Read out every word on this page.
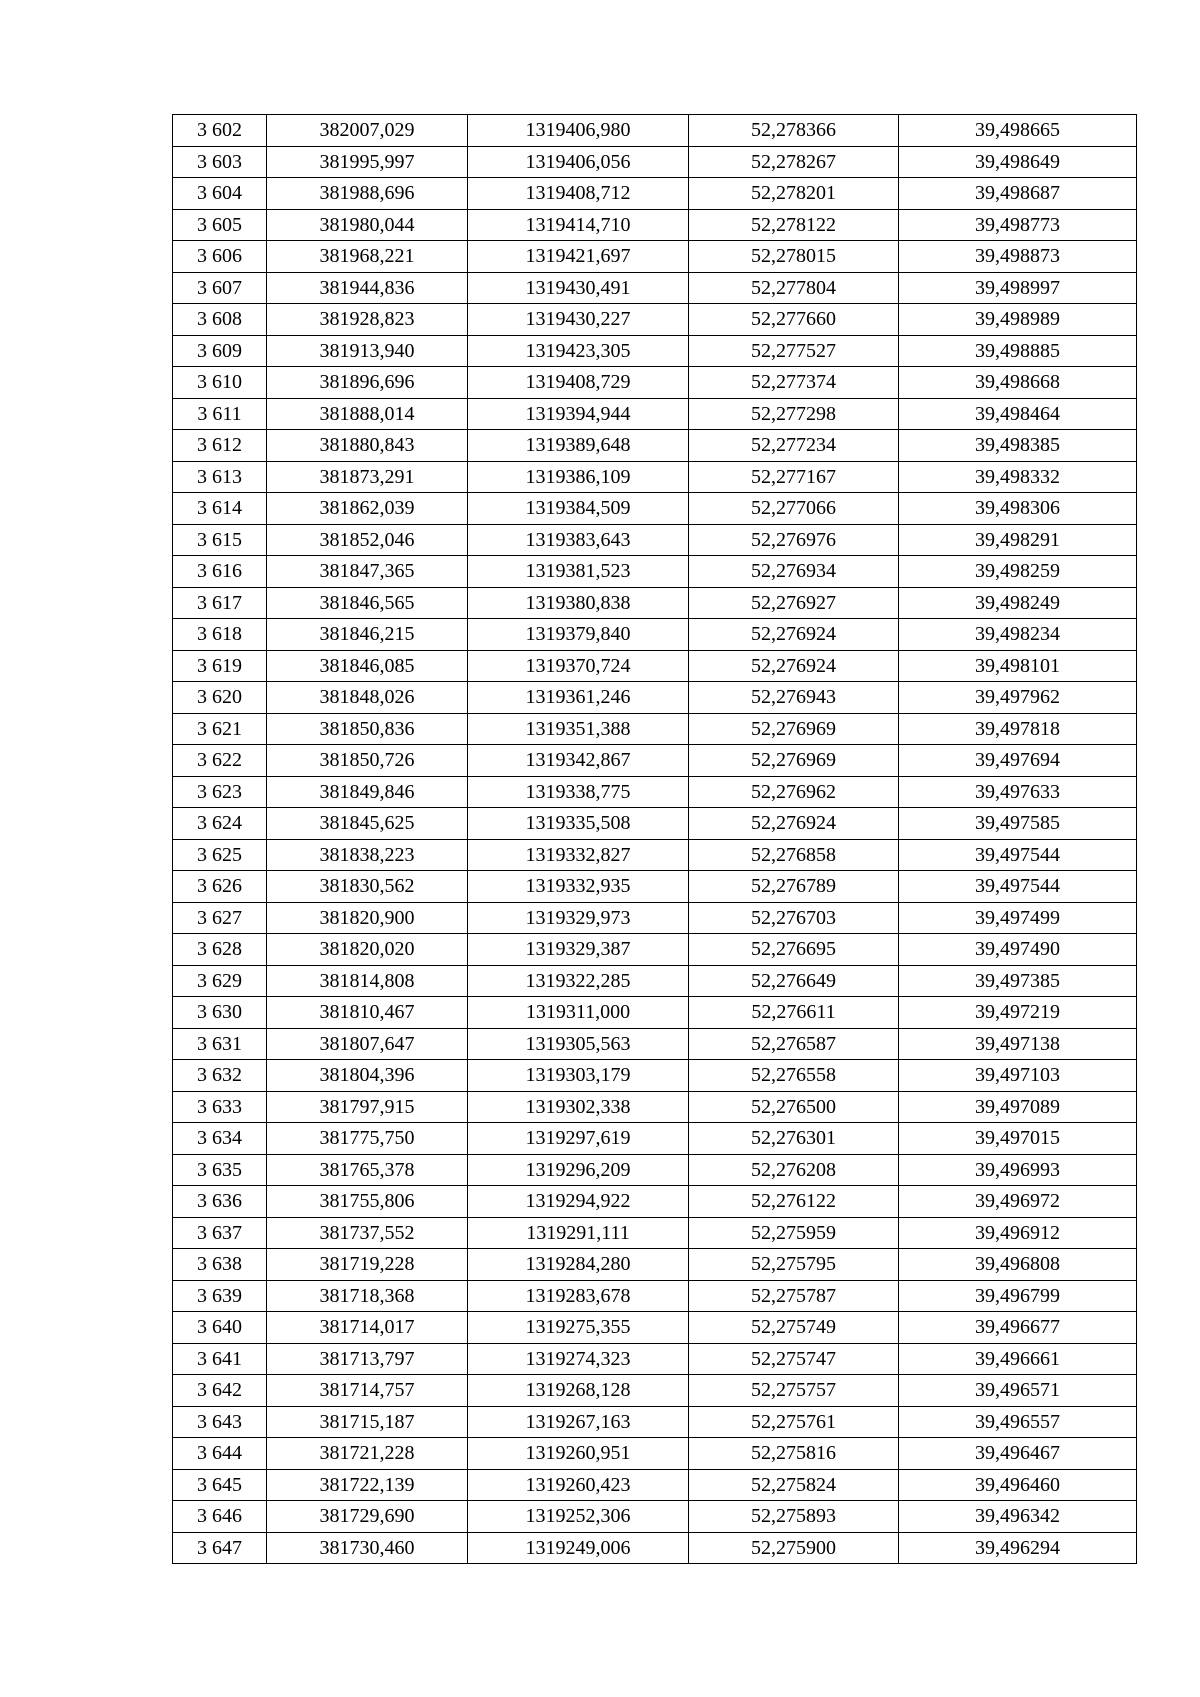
3 602	382007,029	1319406,980	52,278366	39,498665
3 603	381995,997	1319406,056	52,278267	39,498649
3 604	381988,696	1319408,712	52,278201	39,498687
3 605	381980,044	1319414,710	52,278122	39,498773
3 606	381968,221	1319421,697	52,278015	39,498873
3 607	381944,836	1319430,491	52,277804	39,498997
3 608	381928,823	1319430,227	52,277660	39,498989
3 609	381913,940	1319423,305	52,277527	39,498885
3 610	381896,696	1319408,729	52,277374	39,498668
3 611	381888,014	1319394,944	52,277298	39,498464
3 612	381880,843	1319389,648	52,277234	39,498385
3 613	381873,291	1319386,109	52,277167	39,498332
3 614	381862,039	1319384,509	52,277066	39,498306
3 615	381852,046	1319383,643	52,276976	39,498291
3 616	381847,365	1319381,523	52,276934	39,498259
3 617	381846,565	1319380,838	52,276927	39,498249
3 618	381846,215	1319379,840	52,276924	39,498234
3 619	381846,085	1319370,724	52,276924	39,498101
3 620	381848,026	1319361,246	52,276943	39,497962
3 621	381850,836	1319351,388	52,276969	39,497818
3 622	381850,726	1319342,867	52,276969	39,497694
3 623	381849,846	1319338,775	52,276962	39,497633
3 624	381845,625	1319335,508	52,276924	39,497585
3 625	381838,223	1319332,827	52,276858	39,497544
3 626	381830,562	1319332,935	52,276789	39,497544
3 627	381820,900	1319329,973	52,276703	39,497499
3 628	381820,020	1319329,387	52,276695	39,497490
3 629	381814,808	1319322,285	52,276649	39,497385
3 630	381810,467	1319311,000	52,276611	39,497219
3 631	381807,647	1319305,563	52,276587	39,497138
3 632	381804,396	1319303,179	52,276558	39,497103
3 633	381797,915	1319302,338	52,276500	39,497089
3 634	381775,750	1319297,619	52,276301	39,497015
3 635	381765,378	1319296,209	52,276208	39,496993
3 636	381755,806	1319294,922	52,276122	39,496972
3 637	381737,552	1319291,111	52,275959	39,496912
3 638	381719,228	1319284,280	52,275795	39,496808
3 639	381718,368	1319283,678	52,275787	39,496799
3 640	381714,017	1319275,355	52,275749	39,496677
3 641	381713,797	1319274,323	52,275747	39,496661
3 642	381714,757	1319268,128	52,275757	39,496571
3 643	381715,187	1319267,163	52,275761	39,496557
3 644	381721,228	1319260,951	52,275816	39,496467
3 645	381722,139	1319260,423	52,275824	39,496460
3 646	381729,690	1319252,306	52,275893	39,496342
3 647	381730,460	1319249,006	52,275900	39,496294
